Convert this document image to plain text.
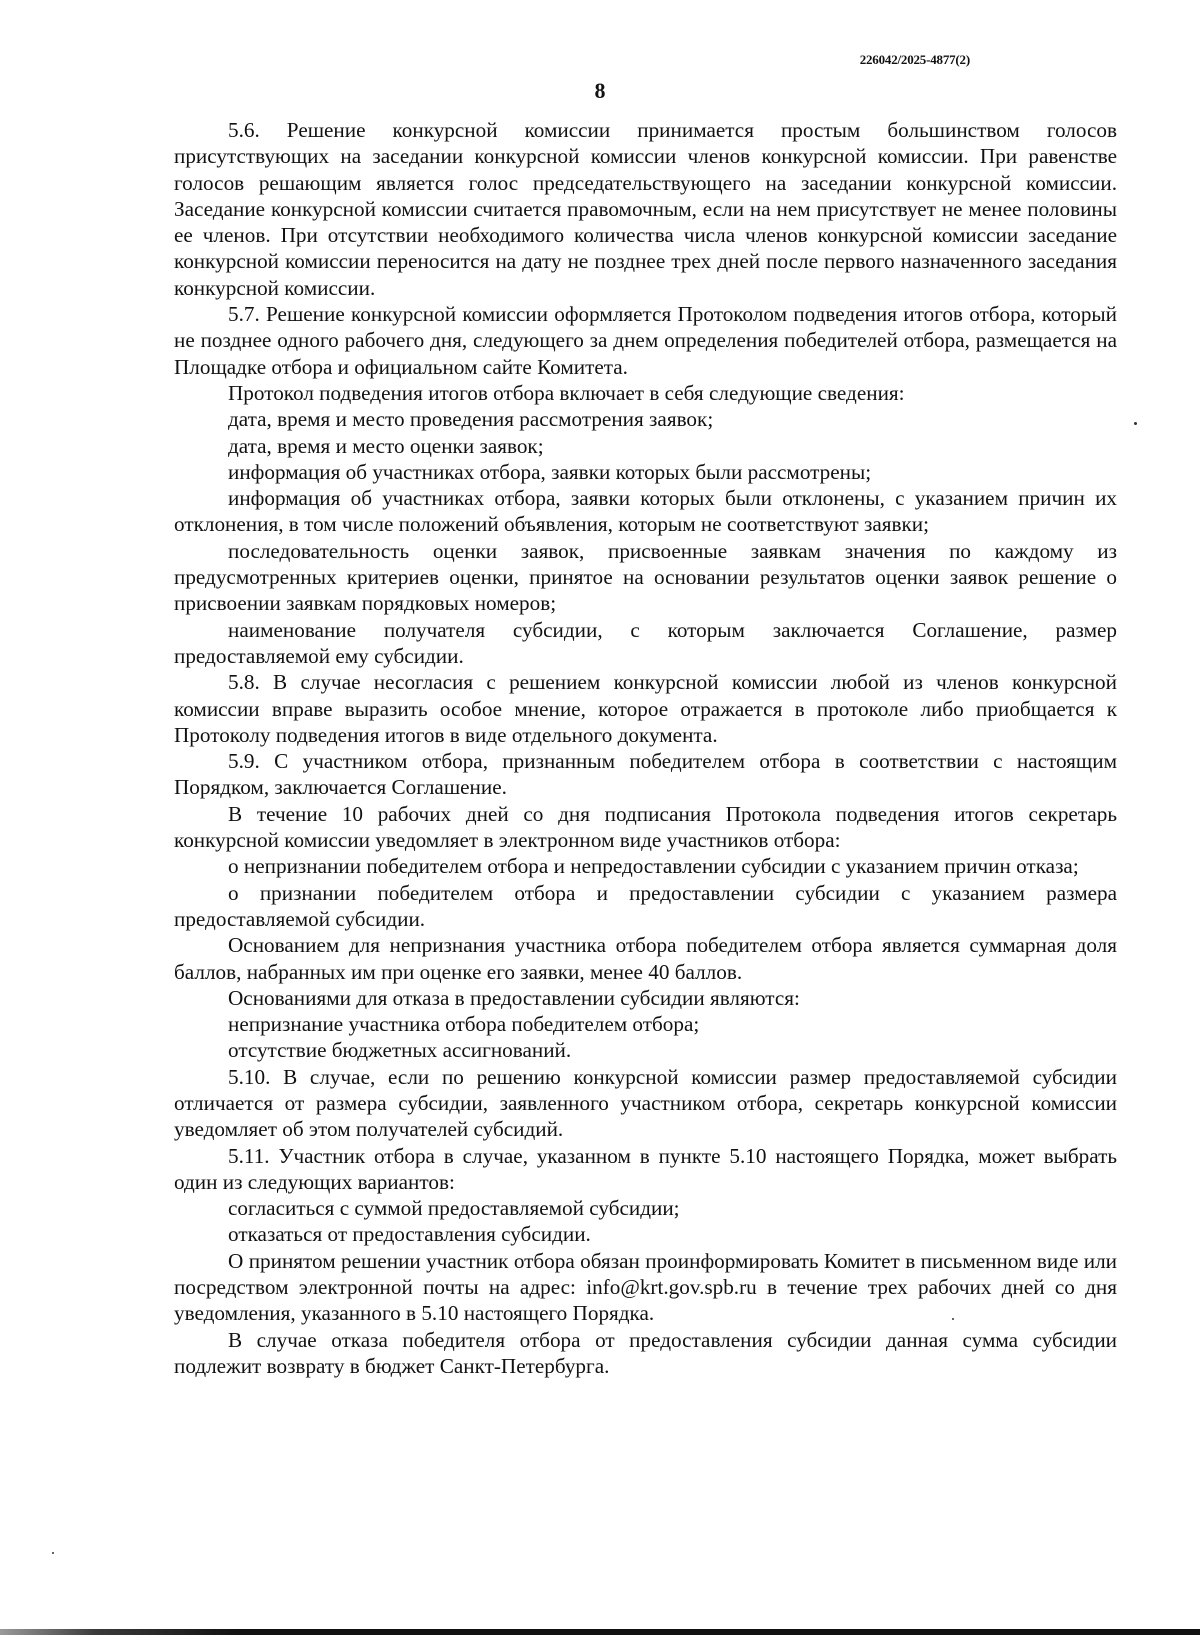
226042/2025-4877(2)
8

5.6. Решение конкурсной комиссии принимается простым большинством голосов присутствующих на заседании конкурсной комиссии членов конкурсной комиссии. При равенстве голосов решающим является голос председательствующего на заседании конкурсной комиссии. Заседание конкурсной комиссии считается правомочным, если на нем присутствует не менее половины ее членов. При отсутствии необходимого количества числа членов конкурсной комиссии заседание конкурсной комиссии переносится на дату не позднее трех дней после первого назначенного заседания конкурсной комиссии.

5.7. Решение конкурсной комиссии оформляется Протоколом подведения итогов отбора, который не позднее одного рабочего дня, следующего за днем определения победителей отбора, размещается на Площадке отбора и официальном сайте Комитета.

Протокол подведения итогов отбора включает в себя следующие сведения:

дата, время и место проведения рассмотрения заявок;

дата, время и место оценки заявок;

информация об участниках отбора, заявки которых были рассмотрены;

информация об участниках отбора, заявки которых были отклонены, с указанием причин их отклонения, в том числе положений объявления, которым не соответствуют заявки;

последовательность оценки заявок, присвоенные заявкам значения по каждому из предусмотренных критериев оценки, принятое на основании результатов оценки заявок решение о присвоении заявкам порядковых номеров;

наименование получателя субсидии, с которым заключается Соглашение, размер предоставляемой ему субсидии.

5.8. В случае несогласия с решением конкурсной комиссии любой из членов конкурсной комиссии вправе выразить особое мнение, которое отражается в протоколе либо приобщается к Протоколу подведения итогов в виде отдельного документа.

5.9. С участником отбора, признанным победителем отбора в соответствии с настоящим Порядком, заключается Соглашение.

В течение 10 рабочих дней со дня подписания Протокола подведения итогов секретарь конкурсной комиссии уведомляет в электронном виде участников отбора:

о непризнании победителем отбора и непредоставлении субсидии с указанием причин отказа;

о признании победителем отбора и предоставлении субсидии с указанием размера предоставляемой субсидии.

Основанием для непризнания участника отбора победителем отбора является суммарная доля баллов, набранных им при оценке его заявки, менее 40 баллов.

Основаниями для отказа в предоставлении субсидии являются:

непризнание участника отбора победителем отбора;

отсутствие бюджетных ассигнований.

5.10. В случае, если по решению конкурсной комиссии размер предоставляемой субсидии отличается от размера субсидии, заявленного участником отбора, секретарь конкурсной комиссии уведомляет об этом получателей субсидий.

5.11. Участник отбора в случае, указанном в пункте 5.10 настоящего Порядка, может выбрать один из следующих вариантов:

согласиться с суммой предоставляемой субсидии;

отказаться от предоставления субсидии.

О принятом решении участник отбора обязан проинформировать Комитет в письменном виде или посредством электронной почты на адрес: info@krt.gov.spb.ru в течение трех рабочих дней со дня уведомления, указанного в 5.10 настоящего Порядка.

В случае отказа победителя отбора от предоставления субсидии данная сумма субсидии подлежит возврату в бюджет Санкт-Петербурга.
